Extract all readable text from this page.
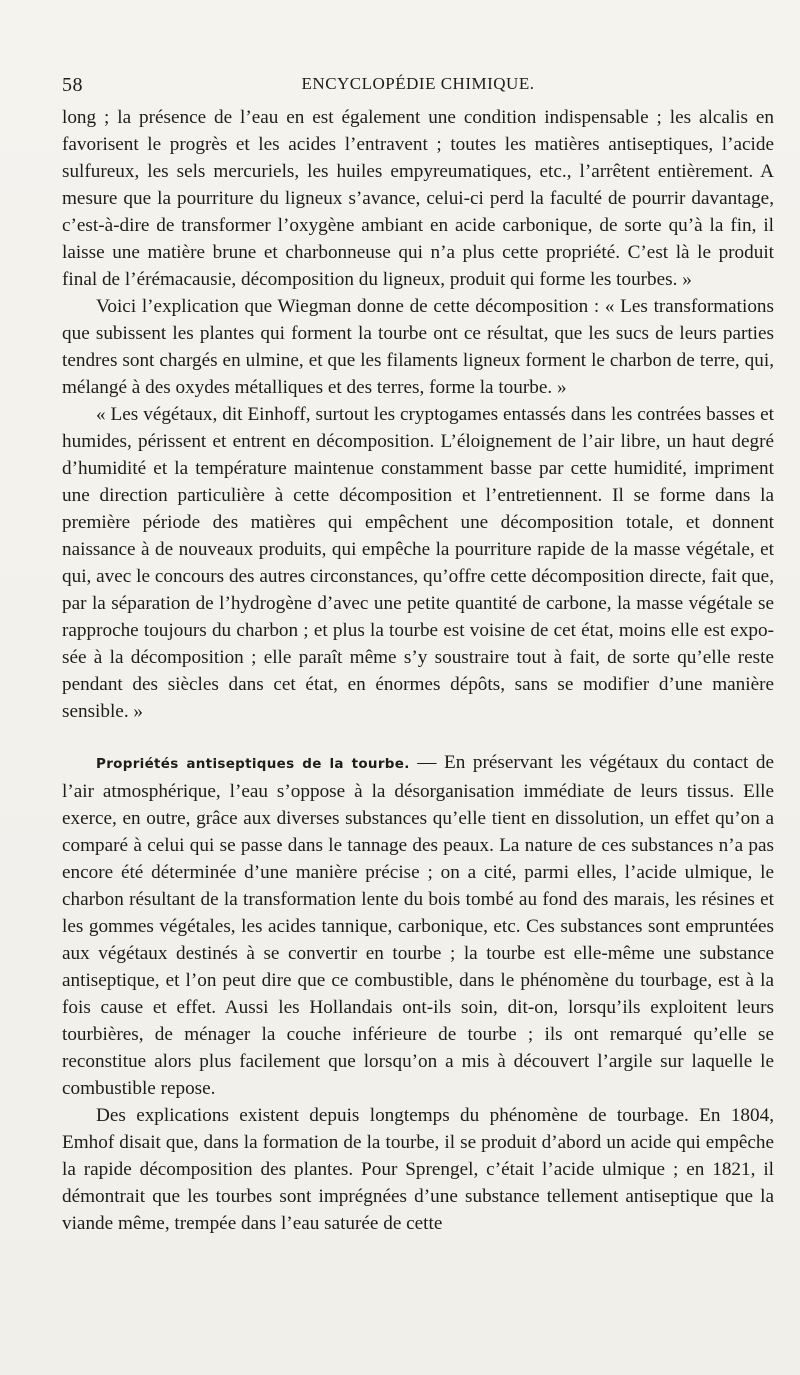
58	ENCYCLOPÉDIE CHIMIQUE.

long ; la présence de l’eau en est également une condition indispensable ; les alcalis en favorisent le progrès et les acides l’entravent ; toutes les matières antiseptiques, l’acide sulfureux, les sels mercuriels, les huiles empyreumatiques, etc., l’arrêtent entièrement. A mesure que la pourriture du ligneux s’avance, celui-ci perd la faculté de pourrir davantage, c’est-à-dire de transformer l’oxygène ambiant en acide carbonique, de sorte qu’à la fin, il laisse une matière brune et charbonneuse qui n’a plus cette propriété. C’est là le produit final de l’érémacausie, décomposition du ligneux, produit qui forme les tourbes. »

Voici l’explication que Wiegman donne de cette décomposition : « Les transformations que subissent les plantes qui forment la tourbe ont ce résultat, que les sucs de leurs parties tendres sont chargés en ulmine, et que les filaments ligneux forment le charbon de terre, qui, mélangé à des oxydes métalliques et des terres, forme la tourbe. »

« Les végétaux, dit Einhoff, surtout les cryptogames entassés dans les contrées basses et humides, périssent et entrent en décomposition. L’éloignement de l’air libre, un haut degré d’humidité et la température maintenue constamment basse par cette humidité, impriment une direction particulière à cette décomposition et l’entretiennent. Il se forme dans la première période des matières qui empêchent une décomposition totale, et donnent naissance à de nouveaux produits, qui empêche la pourriture rapide de la masse végétale, et qui, avec le concours des autres circonstances, qu’offre cette décomposition directe, fait que, par la séparation de l’hydrogène d’avec une petite quantité de carbone, la masse végétale se rapproche toujours du charbon ; et plus la tourbe est voisine de cet état, moins elle est exposée à la décomposition ; elle paraît même s’y soustraire tout à fait, de sorte qu’elle reste pendant des siècles dans cet état, en énormes dépôts, sans se modifier d’une manière sensible. »

Propriétés antiseptiques de la tourbe. — En préservant les végétaux du contact de l’air atmosphérique, l’eau s’oppose à la désorganisation immédiate de leurs tissus. Elle exerce, en outre, grâce aux diverses substances qu’elle tient en dissolution, un effet qu’on a comparé à celui qui se passe dans le tannage des peaux. La nature de ces substances n’a pas encore été déterminée d’une manière précise ; on a cité, parmi elles, l’acide ulmique, le charbon résultant de la transformation lente du bois tombé au fond des marais, les résines et les gommes végétales, les acides tannique, carbonique, etc. Ces substances sont empruntées aux végétaux destinés à se convertir en tourbe ; la tourbe est elle-même une substance antiseptique, et l’on peut dire que ce combustible, dans le phénomène du tourbage, est à la fois cause et effet. Aussi les Hollandais ont-ils soin, dit-on, lorsqu’ils exploitent leurs tourbières, de ménager la couche inférieure de tourbe ; ils ont remarqué qu’elle se reconstitue alors plus facilement que lorsqu’on a mis à découvert l’argile sur laquelle le combustible repose.

Des explications existent depuis longtemps du phénomène de tourbage. En 1804, Emhof disait que, dans la formation de la tourbe, il se produit d’abord un acide qui empêche la rapide décomposition des plantes. Pour Sprengel, c’était l’acide ulmique ; en 1821, il démontrait que les tourbes sont imprégnées d’une substance tellement antiseptique que la viande même, trempée dans l’eau saturée de cette
